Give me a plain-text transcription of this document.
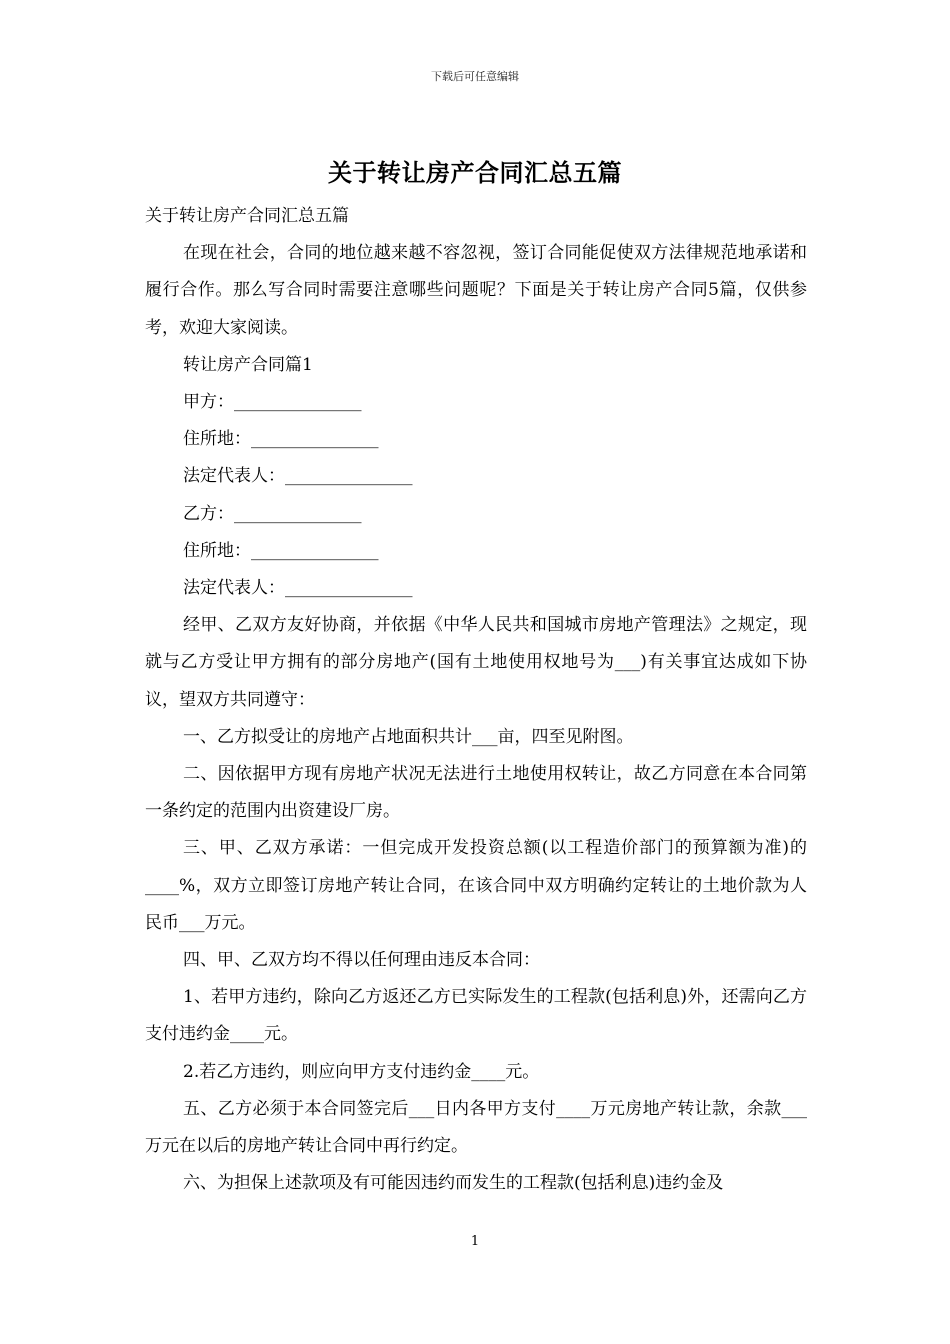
下载后可任意编辑
关于转让房产合同汇总五篇

关于转让房产合同汇总五篇

在现在社会，合同的地位越来越不容忽视，签订合同能促使双方法律规范地承诺和履行合作。那么写合同时需要注意哪些问题呢？下面是关于转让房产合同5篇，仅供参考，欢迎大家阅读。

转让房产合同篇1

甲方：_______________

住所地：_______________

法定代表人：_______________

乙方：_______________

住所地：_______________

法定代表人：_______________

经甲、乙双方友好协商，并依据《中华人民共和国城市房地产管理法》之规定，现就与乙方受让甲方拥有的部分房地产(国有土地使用权地号为___)有关事宜达成如下协议，望双方共同遵守：

一、乙方拟受让的房地产占地面积共计___亩，四至见附图。

二、因依据甲方现有房地产状况无法进行土地使用权转让，故乙方同意在本合同第一条约定的范围内出资建设厂房。

三、甲、乙双方承诺：一但完成开发投资总额(以工程造价部门的预算额为准)的____%，双方立即签订房地产转让合同，在该合同中双方明确约定转让的土地价款为人民币___万元。

四、甲、乙双方均不得以任何理由违反本合同：

1、若甲方违约，除向乙方返还乙方已实际发生的工程款(包括利息)外，还需向乙方支付违约金____元。

2.若乙方违约，则应向甲方支付违约金____元。

五、乙方必须于本合同签完后___日内各甲方支付____万元房地产转让款，余款___万元在以后的房地产转让合同中再行约定。

六、为担保上述款项及有可能因违约而发生的工程款(包括利息)违约金及

1
